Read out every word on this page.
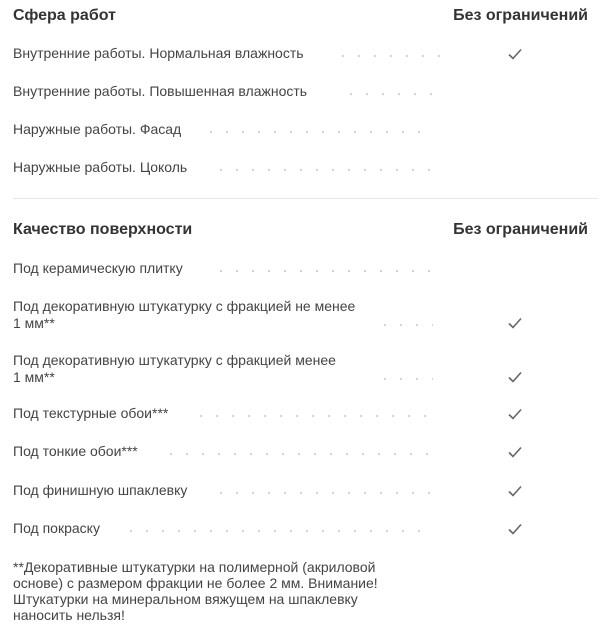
Сфера работ	Без ограничений
Внутренние работы. Нормальная влажность
Внутренние работы. Повышенная влажность
Наружные работы. Фасад
Наружные работы. Цоколь
Качество поверхности	Без ограничений
Под керамическую плитку
Под декоративную штукатурку с фракцией не менее 1 мм**
Под декоративную штукатурку с фракцией менее 1 мм**
Под текстурные обои***
Под тонкие обои***
Под финишную шпаклевку
Под покраску
**Декоративные штукатурки на полимерной (акриловой основе) с размером фракции не более 2 мм. Внимание! Штукатурки на минеральном вяжущем на шпаклевку наносить нельзя!
